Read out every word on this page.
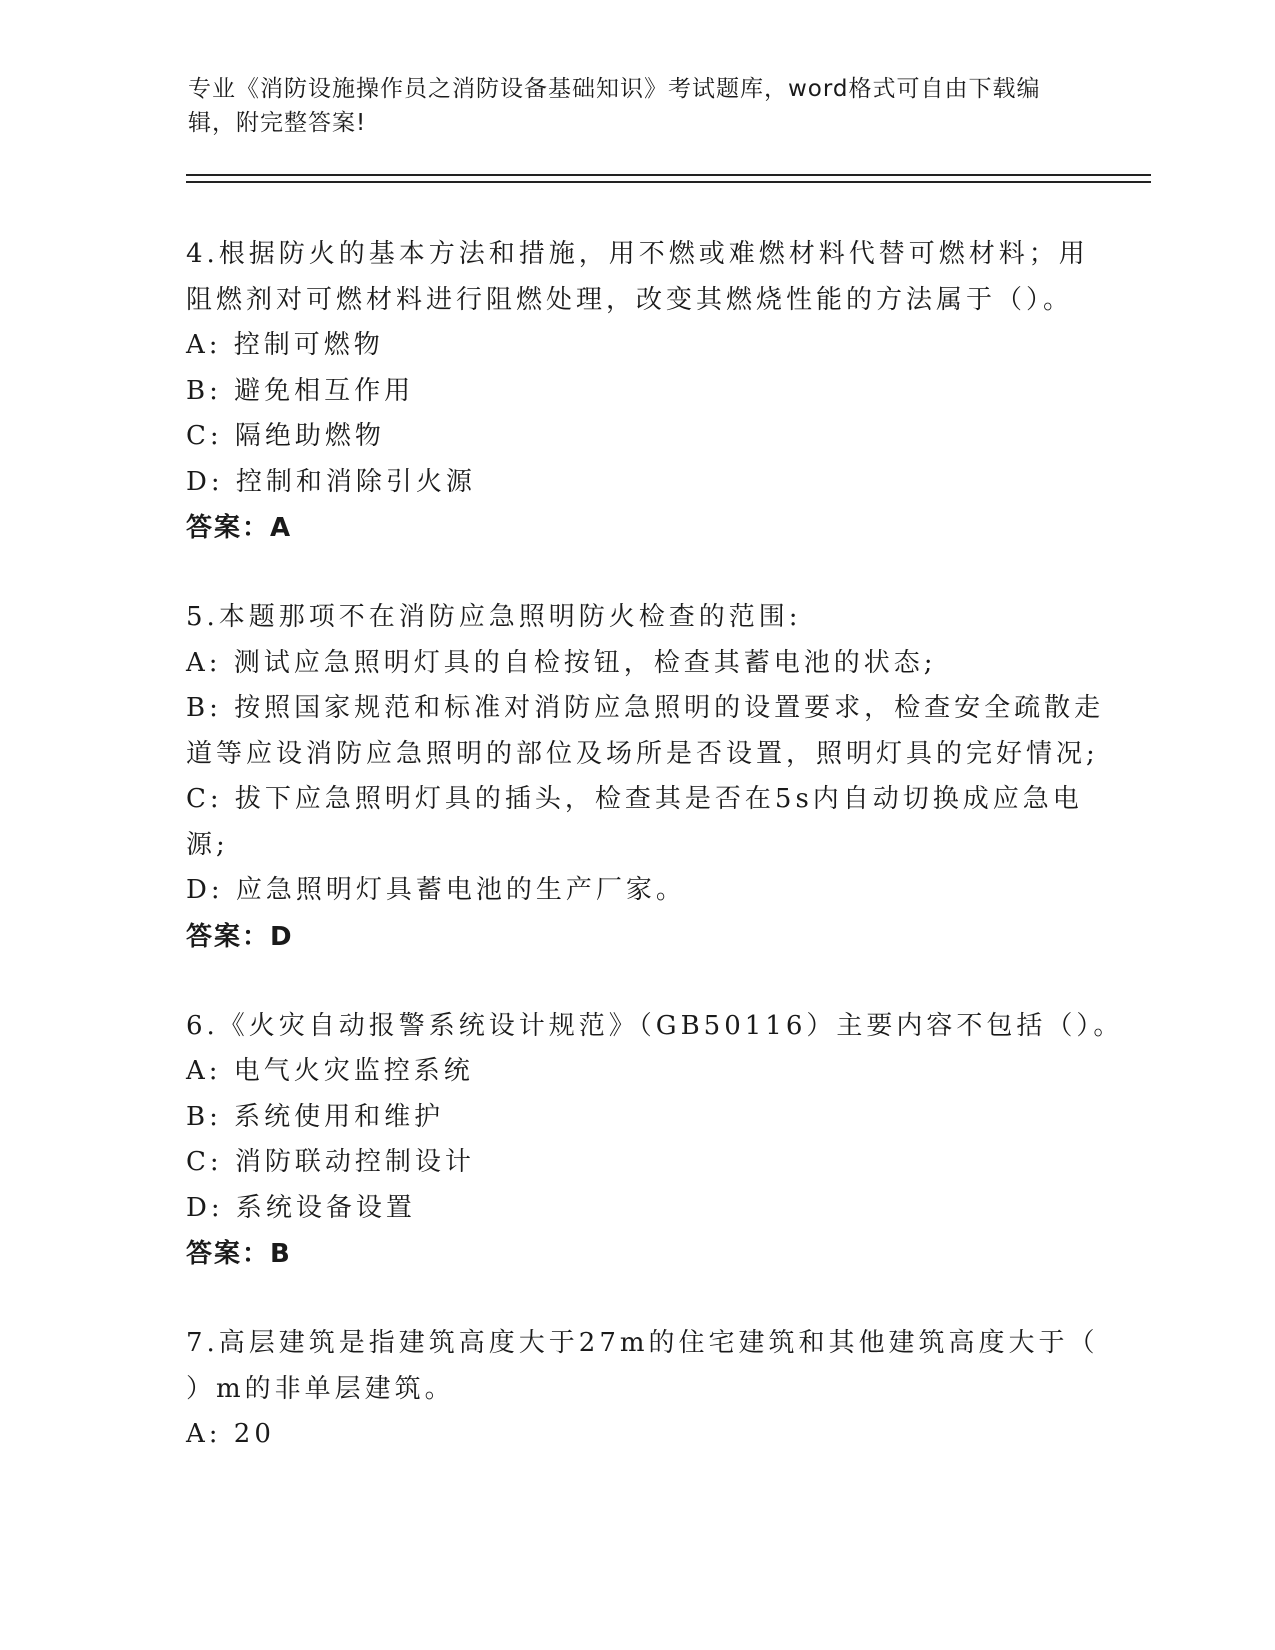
专业《消防设施操作员之消防设备基础知识》考试题库，word格式可自由下载编
辑，附完整答案!
4.根据防火的基本方法和措施，用不燃或难燃材料代替可燃材料；用
阻燃剂对可燃材料进行阻燃处理，改变其燃烧性能的方法属于（）。
A: 控制可燃物
B: 避免相互作用
C: 隔绝助燃物
D: 控制和消除引火源
答案：A
5.本题那项不在消防应急照明防火检查的范围:
A: 测试应急照明灯具的自检按钮，检查其蓄电池的状态;
B: 按照国家规范和标准对消防应急照明的设置要求，检查安全疏散走
道等应设消防应急照明的部位及场所是否设置，照明灯具的完好情况;
C: 拔下应急照明灯具的插头，检查其是否在5s内自动切换成应急电
源;
D: 应急照明灯具蓄电池的生产厂家。
答案：D
6.《火灾自动报警系统设计规范》（GB50116）主要内容不包括（）。
A: 电气火灾监控系统
B: 系统使用和维护
C: 消防联动控制设计
D: 系统设备设置
答案：B
7.高层建筑是指建筑高度大于27m的住宅建筑和其他建筑高度大于（
）m的非单层建筑。
A: 20
